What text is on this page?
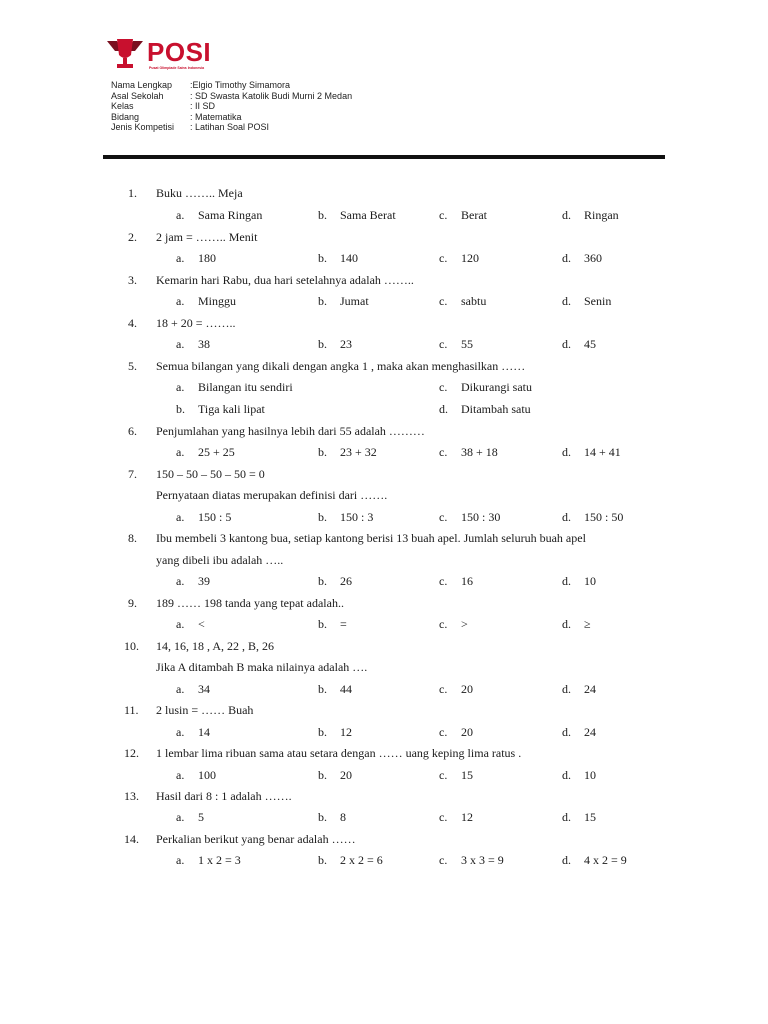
POSI
Pusat Olimpiade Sains Indonesia
Nama Lengkap	:Elgio Timothy Simamora
Asal Sekolah	: SD Swasta Katolik Budi Murni 2 Medan
Kelas	: II SD
Bidang	: Matematika
Jenis Kompetisi	: Latihan Soal POSI
1. Buku …….. Meja
a. Sama Ringan	b. Sama Berat	c. Berat	d. Ringan
2. 2 jam = …….. Menit
a. 180	b. 140	c. 120	d. 360
3. Kemarin hari Rabu, dua hari setelahnya adalah ……..
a. Minggu	b. Jumat	c. sabtu	d. Senin
4. 18 + 20 = ……..
a. 38	b. 23	c. 55	d. 45
5. Semua bilangan yang dikali dengan angka 1 , maka akan menghasilkan ……
a. Bilangan itu sendiri	c. Dikurangi satu
b. Tiga kali lipat	d. Ditambah satu
6. Penjumlahan yang hasilnya lebih dari 55 adalah ………
a. 25 + 25	b. 23 + 32	c. 38 + 18	d. 14 + 41
7. 150 – 50 – 50 – 50 = 0
Pernyataan diatas merupakan definisi dari …….
a. 150 : 5	b. 150 : 3	c. 150 : 30	d. 150 : 50
8. Ibu membeli 3 kantong bua, setiap kantong berisi 13 buah apel. Jumlah seluruh buah apel
yang dibeli ibu adalah …..
a. 39	b. 26	c. 16	d. 10
9. 189 …… 198 tanda yang tepat adalah..
a. <	b. =	c. >	d. ≥
10. 14, 16, 18 , A, 22 , B, 26
Jika A ditambah B maka nilainya adalah ….
a. 34	b. 44	c. 20	d. 24
11. 2 lusin = …… Buah
a. 14	b. 12	c. 20	d. 24
12. 1 lembar lima ribuan sama atau setara dengan …… uang keping lima ratus .
a. 100	b. 20	c. 15	d. 10
13. Hasil dari 8 : 1 adalah …….
a. 5	b. 8	c. 12	d. 15
14. Perkalian berikut yang benar adalah ……
a. 1 x 2 = 3	b. 2 x 2 = 6	c. 3 x 3 = 9	d. 4 x 2 = 9
